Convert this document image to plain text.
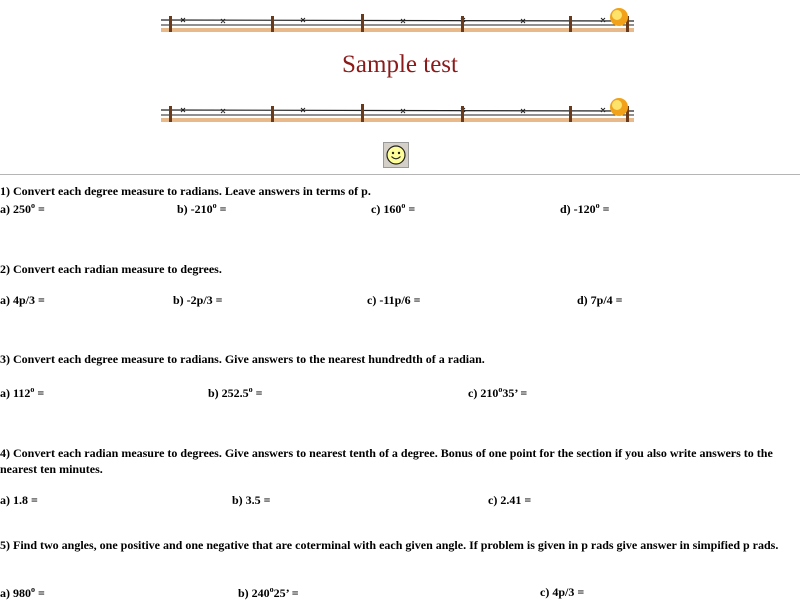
Sample test
1) Convert each degree measure to radians. Leave answers in terms of p.
a) $250^o$ =	b) $-210^o$ =	c) $160^o$ =	d) $-120^o$ =
2) Convert each radian measure to degrees.
a) 4p/3 =	b) -2p/3 =	c) -11p/6 =	d) 7p/4 =
3) Convert each degree measure to radians. Give answers to the nearest hundredth of a radian.
a) $112^o$ =	b) $252.5^o$ =	c) $210^o35$’ =
4) Convert each radian measure to degrees. Give answers to nearest tenth of a degree. Bonus of one point for the section if you also write answers to the nearest ten minutes.
a) 1.8 =	b) 3.5 =	c) 2.41 =
5) Find two angles, one positive and one negative that are coterminal with each given angle. If problem is given in p rads give answer in simpified p rads.
a) $980^o$ =	b) $240^o25$’ =	c) 4p/3 =
